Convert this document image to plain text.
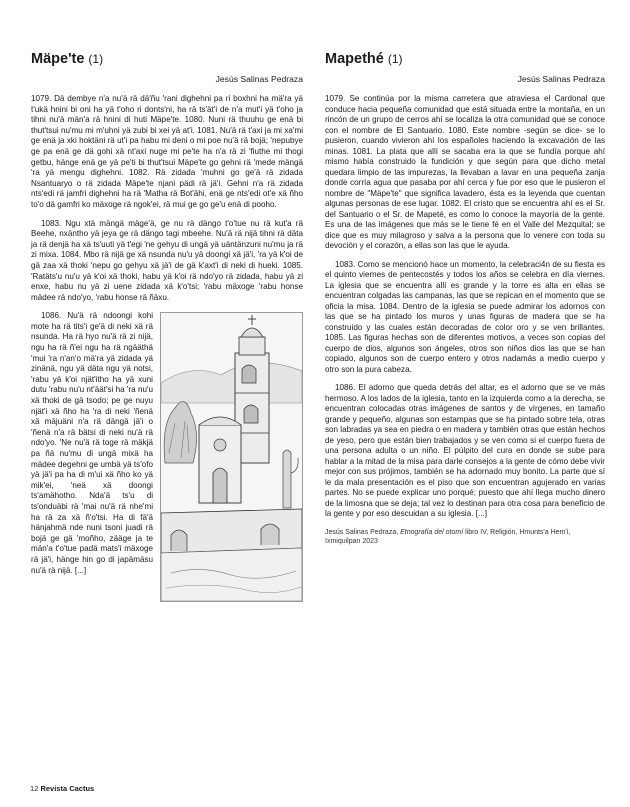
Mäpe'te (1)
Jesús Salinas Pedraza

1079. Dä dembye n'a nu'ä rä dä'ñu 'rani dighehni pa ri boxhni ha mä'ra yä t'ukä hnini bi oni ha yä t'oho ri donts'ni, ha rä ts'ät'i de n'a mut'i yä t'oho ja tihni nu'ä män'a rä hnini di huti Mäpe'te. 1080. Nuni rä thuuhu ge enä bi thut'tsui nu'mu mi m'uhni yä zubi bi xei yä at'i. 1081. Nu'ä rä t'axi ja mi xa'mi ge enä ja xki hoktäni rä ut'i pa habu mi deni o mi poe nu'ä rä bojä; 'nepubye ge pa enä ge dä gohi xä nt'axi nuge mi pe'te ha n'a rä zi 'fiuthe mi thogi getbu, hänge enä ge yä pe'ti bi thut'tsui Mäpe'te go gehni rä 'mede mängä 'ra yä mengu dighehni. 1082. Rä zidada 'muhni go ge'ä rä zidada Nsantuaryo o rä zidada Mäpe'te njani pädi rä jä'i. Gehni n'a rä zidada nts'edi rä jamfri dighehni ha rä 'Matha rä Bot'ähi, enä ge nts'edi ot'e xä ñho to'o dä gamfri ko mäxoge rä ngok'ei, rä mui ge go ge'u enä di pooho.

1083. Ngu xtä mängä mäge'ä, ge nu rä dängo t'o'tue nu rä kut'a rä Beehe, nxäntho yä jeya ge rä dängo tagi mbeehe. Nu'ä rä nijä tihni rä däta ja rä denjä ha xä ts'uuti yä t'egi 'ne gehyu di ungä yä uäntänzuni nu'mu ja rä zi mixa. 1084. Mbo rä nijä ge xä nsunda nu'u yä doongi xä jä'i, 'ra yä k'oi de gä zaa xä thoki 'nepu go gehyu xä jä'i de gä k'axt'i di neki di hueki. 1085. 'Ratäts'u nu'u yä k'oi xä thoki, habu yä k'oi rä ndo'yo rä zidada, habu yä zi enxe, habu nu yä zi uene zidada xä k'o'tsi; 'rabu mäxoge 'rabu honse mädee rä ndo'yo, 'rabu honse rä ñäxu.

1086. Nu'ä rä ndoongi kohi mote ha rä tits'i ge'ä di neki xä rä nsunda. Ha rä hyo nu'ä rä zi nijä, ngu ha rä ñ'ei ngu ha rä ngääthä 'mui 'ra n'an'o mä'ra yä zidada yä zinänä, ngu yä däta ngu yä notsi, 'rabu yä k'oi njät'itho ha yä xuni dutu 'rabu nu'u nt'äät'si ha 'ra nu'u xä thoki de gä tsodo; pe ge nuyu njät'i xä ñho ha 'ra di neki 'ñenä xä mäjuäni n'a rä dängä jä'i o 'ñenä n'a rä bätsi di neki nu'ä rä ndo'yo. 'Ne nu'ä rä toge rä mäkjä pa ñä nu'mu di ungä mixä ha mädee degehni ge umbä yä ts'ofo yä jä'i pa ha di m'ui xä ñho ko yä mik'ei, 'neä xä doongi ts'amähotho. Nda'ä ts'u di ts'onduäbi rä 'mai nu'ä rä nhe'mi ha rä za xä ñ'o'tsi. Ha di fä'ä hänjahmä nde nuni tsoni juadi rä bojä ge gä 'moñho, zääge ja te män'a t'o'tue padä mats'i mäxoge rä jä'i, hänge hin go di japämäsu nu'ä rä nijä. [...]

Mapethé (1)
Jesús Salinas Pedraza

1079. Se continúa por la misma carretera que atraviesa el Cardonal que conduce hacia pequeña comunidad que está situada entre la montaña, en un rincón de un grupo de cerros ahí se localiza la otra comunidad que se conoce con el nombre de El Santuario. 1080. Este nombre -según se dice- se lo pusieron, cuando vivieron ahí los españoles haciendo la excavación de las minas. 1081. La plata que allí se sacaba era la que se fundía porque ahí mismo había construido la fundición y que según para que dicho metal quedara limpio de las impurezas, la llevaban a lavar en una pequeña zanja donde corría agua que pasaba por ahí cerca y fue por eso que le pusieron el nombre de "Mäpe'te" que significa lavadero, ésta es la leyenda que cuentan algunas personas de ese lugar. 1082. El cristo que se encuentra ahí es el Sr. del Santuario o el Sr. de Mapeté, es como lo conoce la mayoría de la gente. Es una de las imágenes que más se le tiene fé en el Valle del Mezquital; se dice que es muy milagroso y salva a la persona que lo venere con toda su devoción y el corazón, a ellas son las que le ayuda.

1083. Como se mencionó hace un momento, la celebraci4n de su fiesta es el quinto viernes de pentecostés y todos los años se celebra en día viernes. La iglesia que se encuentra allí es grande y la torre es alta en ellas se encuentran colgadas las campanas, las que se repican en el momento que se oficia la misa. 1084. Dentro de la iglesia se puede admirar los adornos con las que se ha pintado los muros y unas figuras de madera que se ha construido y las cuales están decoradas de color oro y se ven brillantes. 1085. Las figuras hechas son de diferentes motivos, a veces son copias del cuerpo de dios, algunos son ángeles, otros son niños dios las que se han copiado, algunos son de cuerpo entero y otros nadamás a medio cuerpo y otro son la pura cabeza.

1086. El adorno que queda detrás del altar, es el adorno que se ve más hermoso. A los lados de la iglesia, tanto en la izquierda como a la derecha, se encuentran colocadas otras imágenes de santos y de vírgenes, en tamaño grande y pequeño, algunas son estampas que se ha pintado sobre tela, otras son labradas ya sea en piedra o en madera y también otras que están hechos de yeso, pero que están bien trabajados y se ven como si el cuerpo fuera de una persona adulta o un niño. El púlpito del cura en donde se sube para hablar a la mitad de la misa para darle consejos a la gente de cómo debe vivir mejor con sus prójimos, también se ha adornado muy bonito. La parte que sí le da mala presentación es el piso que son encuentran agujerado en varias partes. No se puede explicar uno porqué; puesto que ahí llega mucho dinero de la limosna que se deja; tal vez lo destinan para otra cosa para beneficio de la gente y por eso descuidan a su iglesia. [...]

Jesús Salinas Pedraza, Etnografía del otomí libro IV, Religión, Hmunts'a Hem'i, Ixmiquilpan 2023
12 Revista Cactus
